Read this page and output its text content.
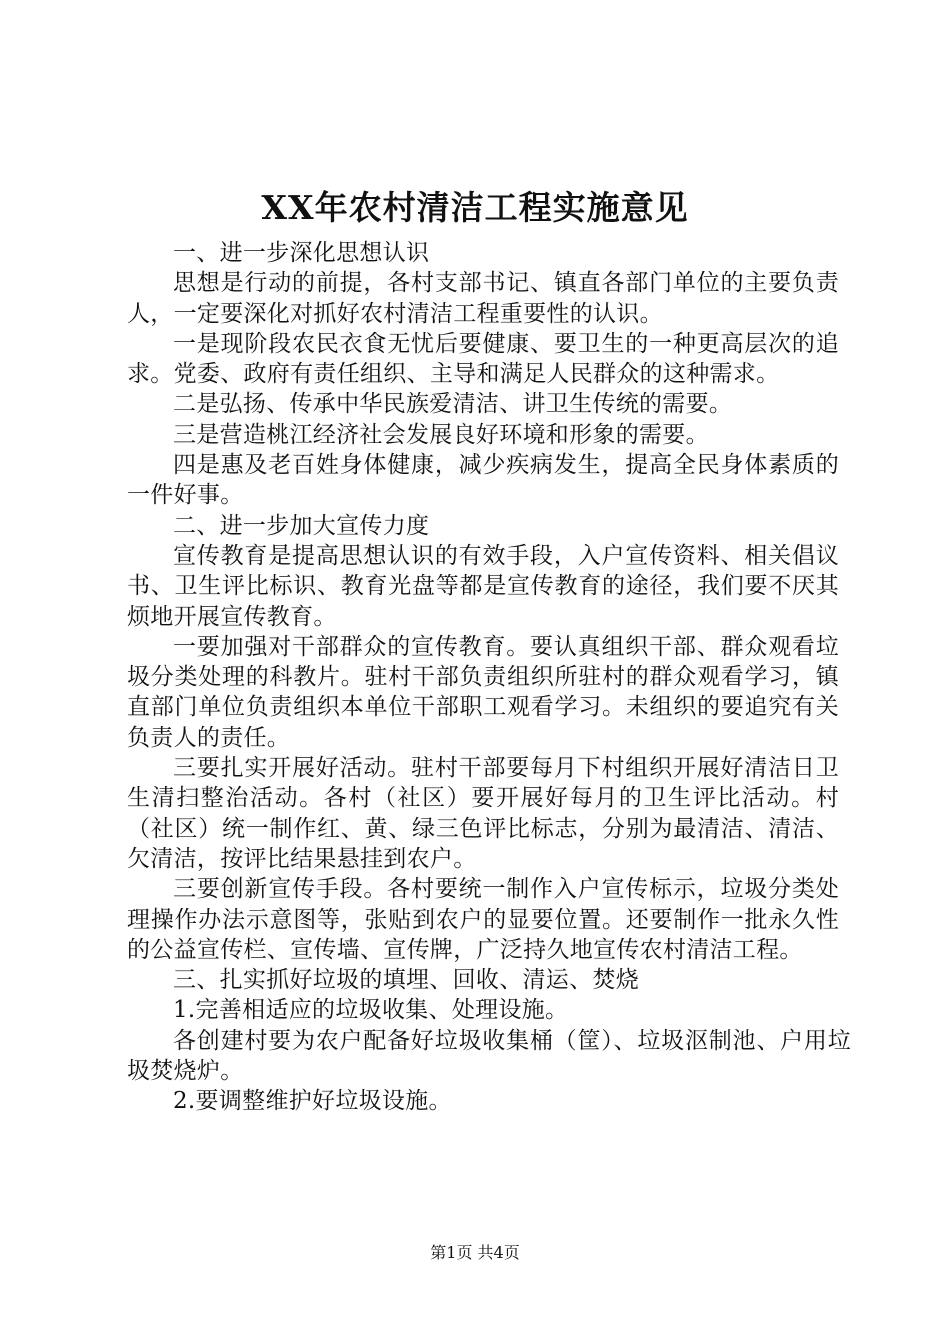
XX年农村清洁工程实施意见

一、进一步深化思想认识

思想是行动的前提，各村支部书记、镇直各部门单位的主要负责人，一定要深化对抓好农村清洁工程重要性的认识。

一是现阶段农民衣食无忧后要健康、要卫生的一种更高层次的追求。党委、政府有责任组织、主导和满足人民群众的这种需求。

二是弘扬、传承中华民族爱清洁、讲卫生传统的需要。

三是营造桃江经济社会发展良好环境和形象的需要。

四是惠及老百姓身体健康，减少疾病发生，提高全民身体素质的一件好事。

二、进一步加大宣传力度

宣传教育是提高思想认识的有效手段，入户宣传资料、相关倡议书、卫生评比标识、教育光盘等都是宣传教育的途径，我们要不厌其烦地开展宣传教育。

一要加强对干部群众的宣传教育。要认真组织干部、群众观看垃圾分类处理的科教片。驻村干部负责组织所驻村的群众观看学习，镇直部门单位负责组织本单位干部职工观看学习。未组织的要追究有关负责人的责任。

三要扎实开展好活动。驻村干部要每月下村组织开展好清洁日卫生清扫整治活动。各村（社区）要开展好每月的卫生评比活动。村（社区）统一制作红、黄、绿三色评比标志，分别为最清洁、清洁、欠清洁，按评比结果悬挂到农户。

三要创新宣传手段。各村要统一制作入户宣传标示，垃圾分类处理操作办法示意图等，张贴到农户的显要位置。还要制作一批永久性的公益宣传栏、宣传墙、宣传牌，广泛持久地宣传农村清洁工程。

三、扎实抓好垃圾的填埋、回收、清运、焚烧

1.完善相适应的垃圾收集、处理设施。

各创建村要为农户配备好垃圾收集桶（筐）、垃圾沤制池、户用垃圾焚烧炉。

2.要调整维护好垃圾设施。

第1页 共4页
